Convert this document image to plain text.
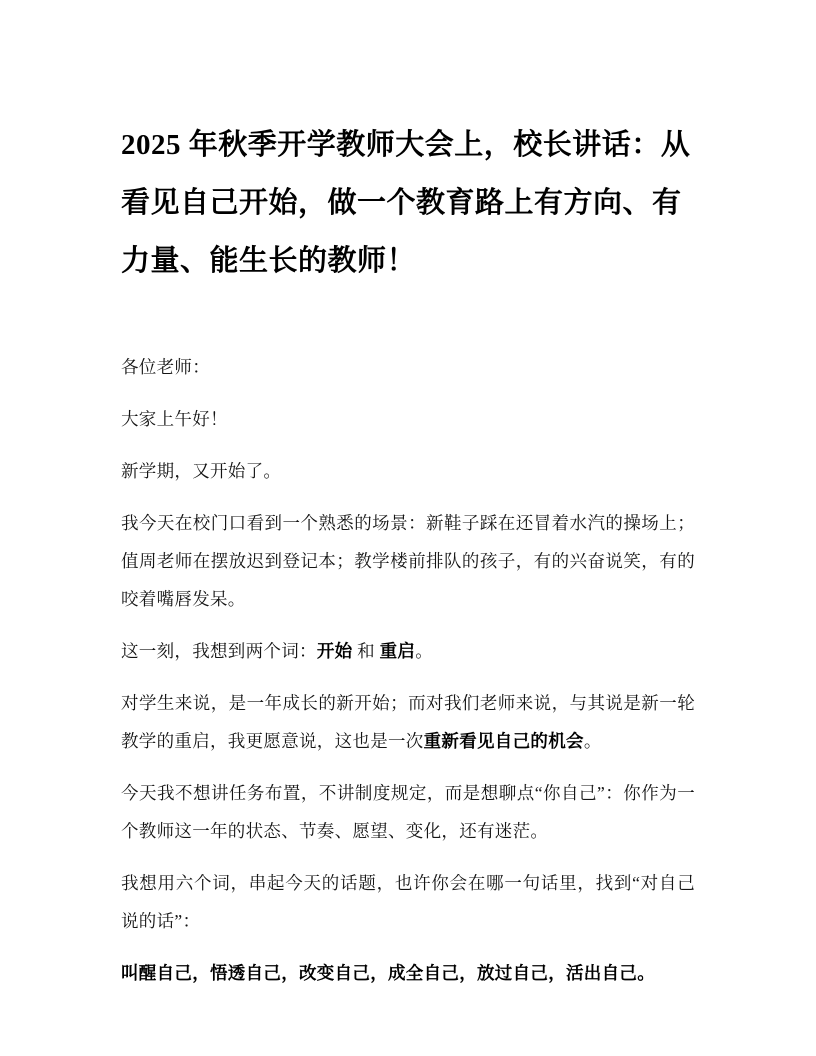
2025 年秋季开学教师大会上，校长讲话：从
看见自己开始，做一个教育路上有方向、有
力量、能生长的教师！

各位老师：

大家上午好！

新学期，又开始了。

我今天在校门口看到一个熟悉的场景：新鞋子踩在还冒着水汽的操场上；值周老师在摆放迟到登记本；教学楼前排队的孩子，有的兴奋说笑，有的咬着嘴唇发呆。

这一刻，我想到两个词：开始 和 重启。

对学生来说，是一年成长的新开始；而对我们老师来说，与其说是新一轮教学的重启，我更愿意说，这也是一次重新看见自己的机会。

今天我不想讲任务布置，不讲制度规定，而是想聊点“你自己”：你作为一个教师这一年的状态、节奏、愿望、变化，还有迷茫。

我想用六个词，串起今天的话题，也许你会在哪一句话里，找到“对自己说的话”：

叫醒自己，悟透自己，改变自己，成全自己，放过自己，活出自己。
